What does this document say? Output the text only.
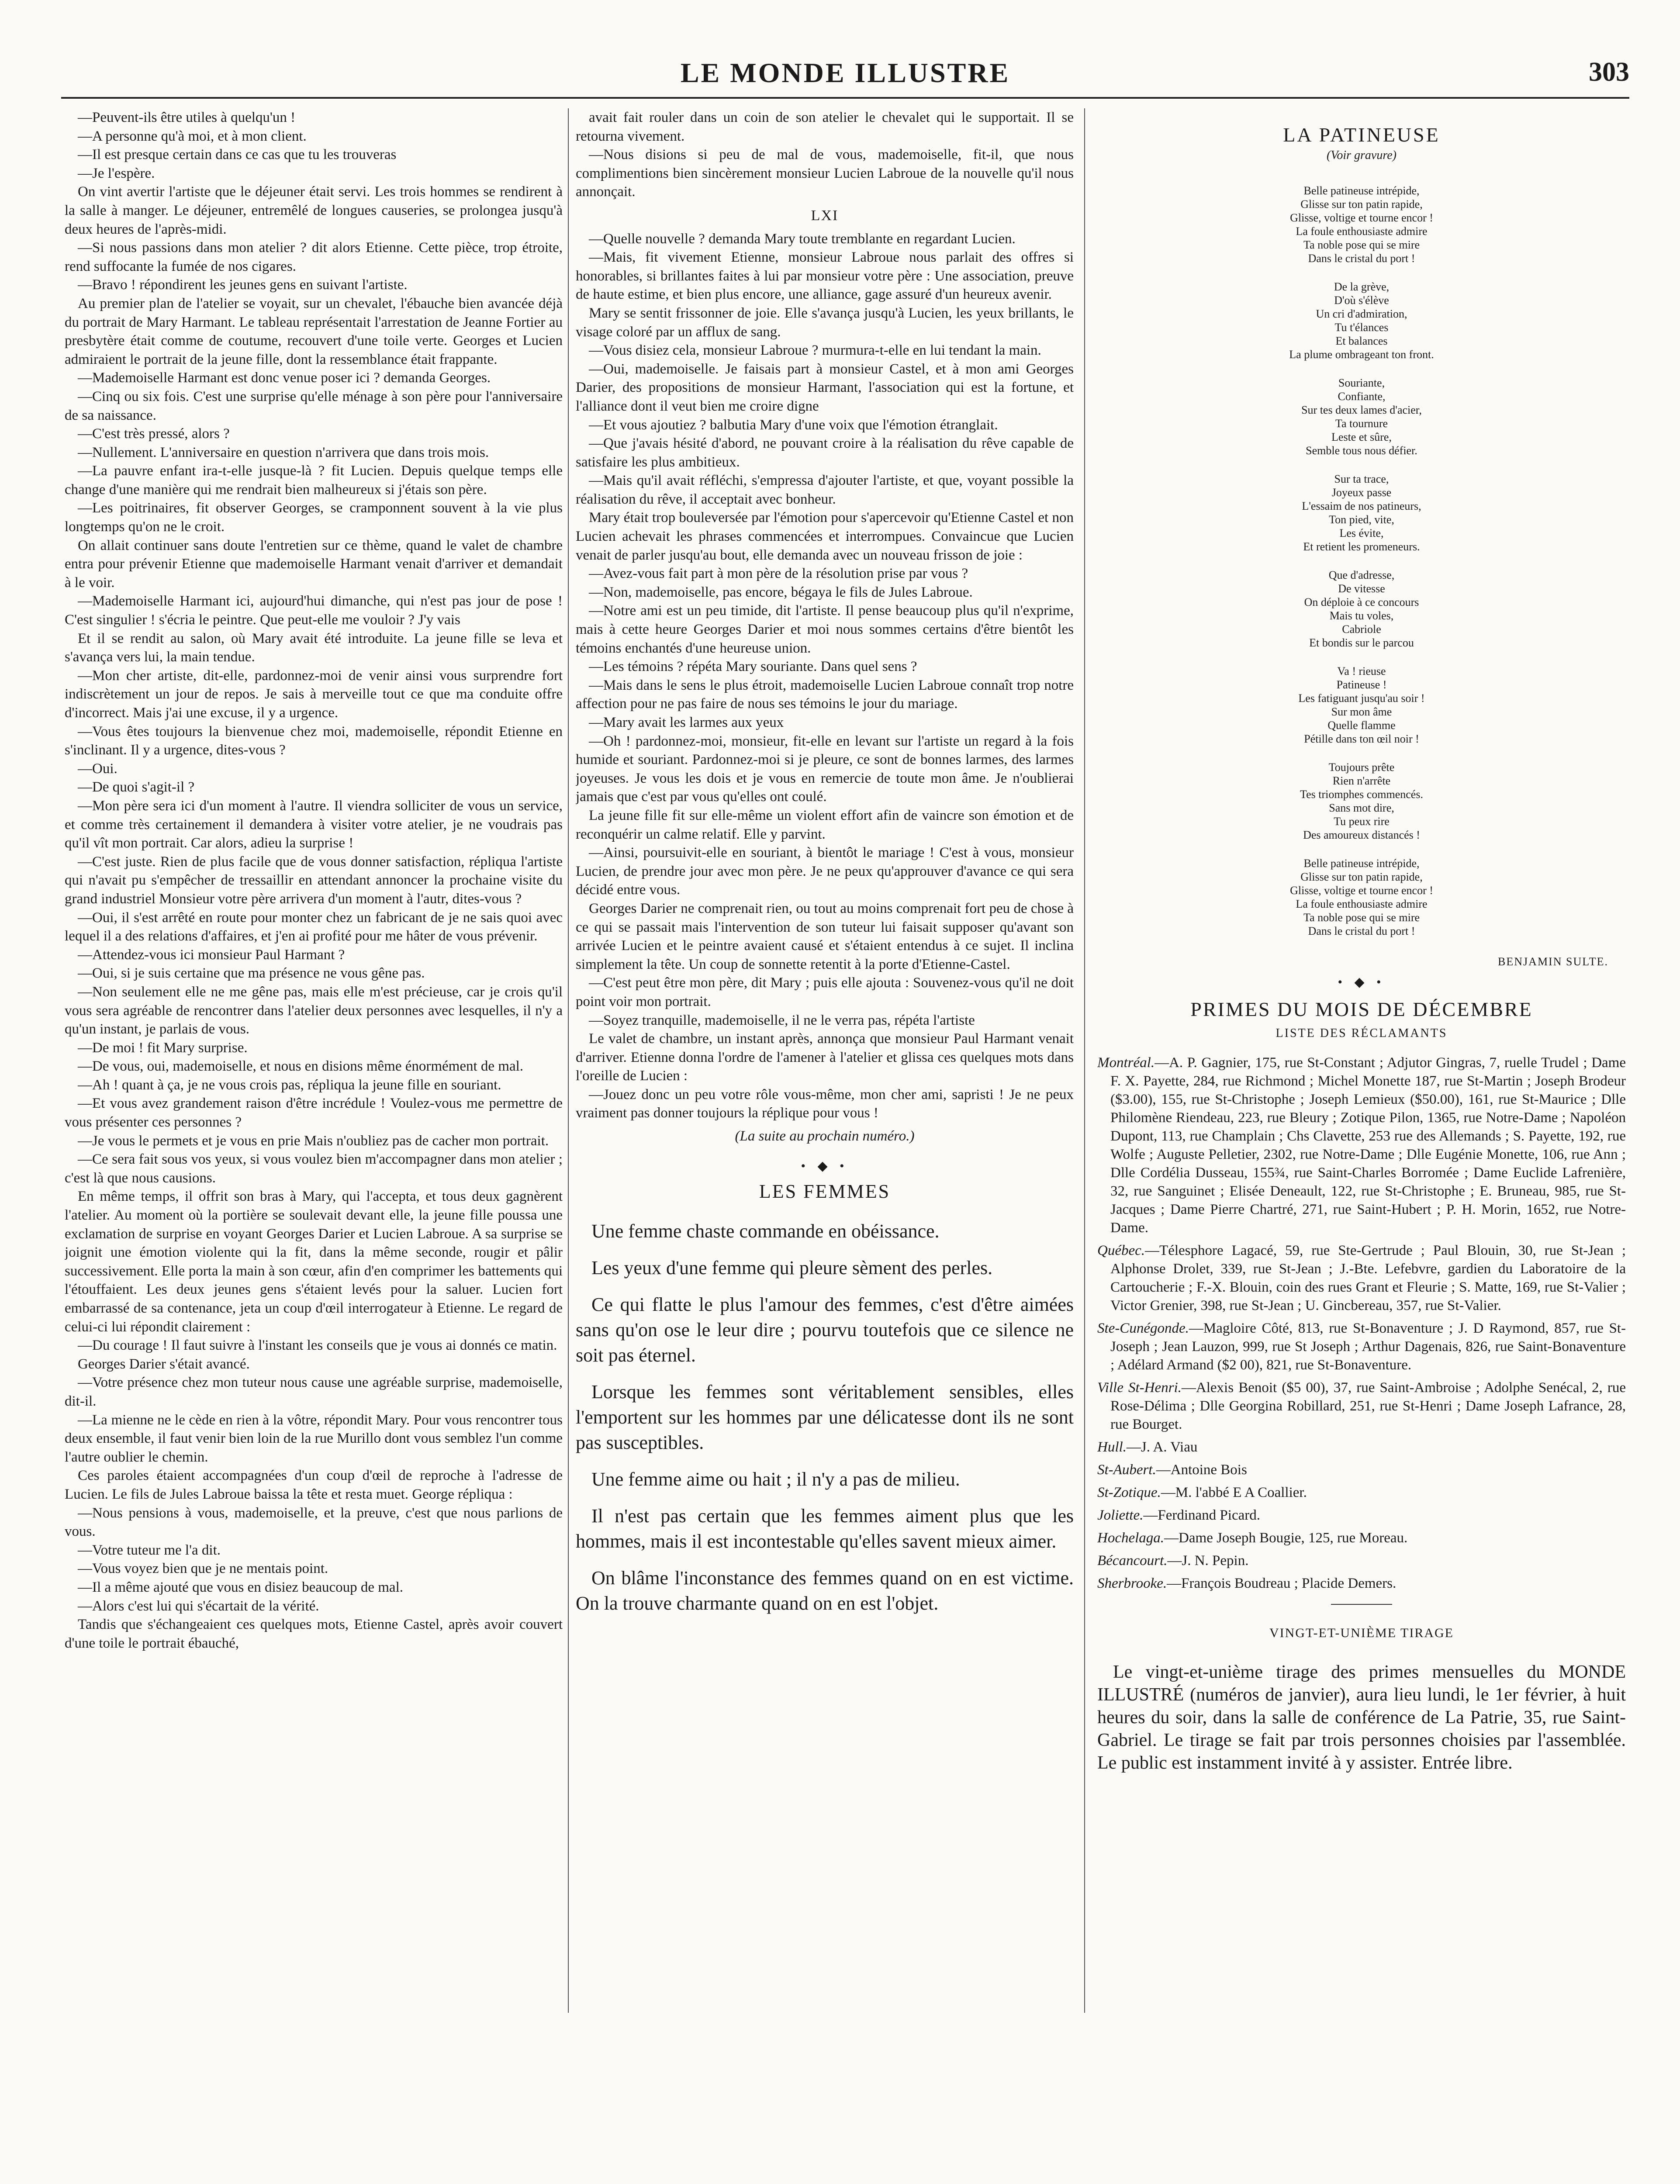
LE MONDE ILLUSTRE	303

—Peuvent-ils être utiles à quelqu'un !

—A personne qu'à moi, et à mon client.

—Il est presque certain dans ce cas que tu les trouveras

—Je l'espère.

On vint avertir l'artiste que le déjeuner était servi. Les trois hommes se rendirent à la salle à manger. Le déjeuner, entremêlé de longues causeries, se prolongea jusqu'à deux heures de l'après-midi.

—Si nous passions dans mon atelier ? dit alors Etienne. Cette pièce, trop étroite, rend suffocante la fumée de nos cigares.

—Bravo ! répondirent les jeunes gens en suivant l'artiste.

Au premier plan de l'atelier se voyait, sur un chevalet, l'ébauche bien avancée déjà du portrait de Mary Harmant. Le tableau représentait l'arrestation de Jeanne Fortier au presbytère était comme de coutume, recouvert d'une toile verte. Georges et Lucien admiraient le portrait de la jeune fille, dont la ressemblance était frappante.

—Mademoiselle Harmant est donc venue poser ici ? demanda Georges.

—Cinq ou six fois. C'est une surprise qu'elle ménage à son père pour l'anniversaire de sa naissance.

—C'est très pressé, alors ?

—Nullement. L'anniversaire en question n'arrivera que dans trois mois.

—La pauvre enfant ira-t-elle jusque-là ? fit Lucien. Depuis quelque temps elle change d'une manière qui me rendrait bien malheureux si j'étais son père.

—Les poitrinaires, fit observer Georges, se cramponnent souvent à la vie plus longtemps qu'on ne le croit.

On allait continuer sans doute l'entretien sur ce thème, quand le valet de chambre entra pour prévenir Etienne que mademoiselle Harmant venait d'arriver et demandait à le voir.

—Mademoiselle Harmant ici, aujourd'hui dimanche, qui n'est pas jour de pose ! C'est singulier ! s'écria le peintre. Que peut-elle me vouloir ? J'y vais

Et il se rendit au salon, où Mary avait été introduite. La jeune fille se leva et s'avança vers lui, la main tendue.

—Mon cher artiste, dit-elle, pardonnez-moi de venir ainsi vous surprendre fort indiscrètement un jour de repos. Je sais à merveille tout ce que ma conduite offre d'incorrect. Mais j'ai une excuse, il y a urgence.

—Vous êtes toujours la bienvenue chez moi, mademoiselle, répondit Etienne en s'inclinant. Il y a urgence, dites-vous ?

—Oui.

—De quoi s'agit-il ?

—Mon père sera ici d'un moment à l'autre. Il viendra solliciter de vous un service, et comme très certainement il demandera à visiter votre atelier, je ne voudrais pas qu'il vît mon portrait. Car alors, adieu la surprise !

—C'est juste. Rien de plus facile que de vous donner satisfaction, répliqua l'artiste qui n'avait pu s'empêcher de tressaillir en attendant annoncer la prochaine visite du grand industriel Monsieur votre père arrivera d'un moment à l'autr, dites-vous ?

—Oui, il s'est arrêté en route pour monter chez un fabricant de je ne sais quoi avec lequel il a des relations d'affaires, et j'en ai profité pour me hâter de vous prévenir.

—Attendez-vous ici monsieur Paul Harmant ?

—Oui, si je suis certaine que ma présence ne vous gêne pas.

—Non seulement elle ne me gêne pas, mais elle m'est précieuse, car je crois qu'il vous sera agréable de rencontrer dans l'atelier deux personnes avec lesquelles, il n'y a qu'un instant, je parlais de vous.

—De moi ! fit Mary surprise.

—De vous, oui, mademoiselle, et nous en disions même énormément de mal.

—Ah ! quant à ça, je ne vous crois pas, répliqua la jeune fille en souriant.

—Et vous avez grandement raison d'être incrédule ! Voulez-vous me permettre de vous présenter ces personnes ?

—Je vous le permets et je vous en prie Mais n'oubliez pas de cacher mon portrait.

—Ce sera fait sous vos yeux, si vous voulez bien m'accompagner dans mon atelier ; c'est là que nous causions.

En même temps, il offrit son bras à Mary, qui l'accepta, et tous deux gagnèrent l'atelier. Au moment où la portière se soulevait devant elle, la jeune fille poussa une exclamation de surprise en voyant Georges Darier et Lucien Labroue. A sa surprise se joignit une émotion violente qui la fit, dans la même seconde, rougir et pâlir successivement. Elle porta la main à son cœur, afin d'en comprimer les battements qui l'étouffaient. Les deux jeunes gens s'étaient levés pour la saluer. Lucien fort embarrassé de sa contenance, jeta un coup d'œil interrogateur à Etienne. Le regard de celui-ci lui répondit clairement :

—Du courage ! Il faut suivre à l'instant les conseils que je vous ai donnés ce matin.

Georges Darier s'était avancé.

—Votre présence chez mon tuteur nous cause une agréable surprise, mademoiselle, dit-il.

—La mienne ne le cède en rien à la vôtre, répondit Mary. Pour vous rencontrer tous deux ensemble, il faut venir bien loin de la rue Murillo dont vous semblez l'un comme l'autre oublier le chemin.

Ces paroles étaient accompagnées d'un coup d'œil de reproche à l'adresse de Lucien. Le fils de Jules Labroue baissa la tête et resta muet. George répliqua :

—Nous pensions à vous, mademoiselle, et la preuve, c'est que nous parlions de vous.

—Votre tuteur me l'a dit.

—Vous voyez bien que je ne mentais point.

—Il a même ajouté que vous en disiez beaucoup de mal.

—Alors c'est lui qui s'écartait de la vérité.

Tandis que s'échangeaient ces quelques mots, Etienne Castel, après avoir couvert d'une toile le portrait ébauché,

avait fait rouler dans un coin de son atelier le chevalet qui le supportait. Il se retourna vivement.

—Nous disions si peu de mal de vous, mademoiselle, fit-il, que nous complimentions bien sincèrement monsieur Lucien Labroue de la nouvelle qu'il nous annonçait.

LXI

—Quelle nouvelle ? demanda Mary toute tremblante en regardant Lucien.

—Mais, fit vivement Etienne, monsieur Labroue nous parlait des offres si honorables, si brillantes faites à lui par monsieur votre père : Une association, preuve de haute estime, et bien plus encore, une alliance, gage assuré d'un heureux avenir.

Mary se sentit frissonner de joie. Elle s'avança jusqu'à Lucien, les yeux brillants, le visage coloré par un afflux de sang.

—Vous disiez cela, monsieur Labroue ? murmura-t-elle en lui tendant la main.

—Oui, mademoiselle. Je faisais part à monsieur Castel, et à mon ami Georges Darier, des propositions de monsieur Harmant, l'association qui est la fortune, et l'alliance dont il veut bien me croire digne

—Et vous ajoutiez ? balbutia Mary d'une voix que l'émotion étranglait.

—Que j'avais hésité d'abord, ne pouvant croire à la réalisation du rêve capable de satisfaire les plus ambitieux.

—Mais qu'il avait réfléchi, s'empressa d'ajouter l'artiste, et que, voyant possible la réalisation du rêve, il acceptait avec bonheur.

Mary était trop bouleversée par l'émotion pour s'apercevoir qu'Etienne Castel et non Lucien achevait les phrases commencées et interrompues. Convaincue que Lucien venait de parler jusqu'au bout, elle demanda avec un nouveau frisson de joie :

—Avez-vous fait part à mon père de la résolution prise par vous ?

—Non, mademoiselle, pas encore, bégaya le fils de Jules Labroue.

—Notre ami est un peu timide, dit l'artiste. Il pense beaucoup plus qu'il n'exprime, mais à cette heure Georges Darier et moi nous sommes certains d'être bientôt les témoins enchantés d'une heureuse union.

—Les témoins ? répéta Mary souriante. Dans quel sens ?

—Mais dans le sens le plus étroit, mademoiselle Lucien Labroue connaît trop notre affection pour ne pas faire de nous ses témoins le jour du mariage.

—Mary avait les larmes aux yeux

—Oh ! pardonnez-moi, monsieur, fit-elle en levant sur l'artiste un regard à la fois humide et souriant. Pardonnez-moi si je pleure, ce sont de bonnes larmes, des larmes joyeuses. Je vous les dois et je vous en remercie de toute mon âme. Je n'oublierai jamais que c'est par vous qu'elles ont coulé.

La jeune fille fit sur elle-même un violent effort afin de vaincre son émotion et de reconquérir un calme relatif. Elle y parvint.

—Ainsi, poursuivit-elle en souriant, à bientôt le mariage ! C'est à vous, monsieur Lucien, de prendre jour avec mon père. Je ne peux qu'approuver d'avance ce qui sera décidé entre vous.

Georges Darier ne comprenait rien, ou tout au moins comprenait fort peu de chose à ce qui se passait mais l'intervention de son tuteur lui faisait supposer qu'avant son arrivée Lucien et le peintre avaient causé et s'étaient entendus à ce sujet. Il inclina simplement la tête. Un coup de sonnette retentit à la porte d'Etienne-Castel.

—C'est peut être mon père, dit Mary ; puis elle ajouta : Souvenez-vous qu'il ne doit point voir mon portrait.

—Soyez tranquille, mademoiselle, il ne le verra pas, répéta l'artiste

Le valet de chambre, un instant après, annonça que monsieur Paul Harmant venait d'arriver. Etienne donna l'ordre de l'amener à l'atelier et glissa ces quelques mots dans l'oreille de Lucien :

—Jouez donc un peu votre rôle vous-même, mon cher ami, sapristi ! Je ne peux vraiment pas donner toujours la réplique pour vous !

(La suite au prochain numéro.)
• ◆ •
LES FEMMES

Une femme chaste commande en obéissance.

Les yeux d'une femme qui pleure sèment des perles.

Ce qui flatte le plus l'amour des femmes, c'est d'être aimées sans qu'on ose le leur dire ; pourvu toutefois que ce silence ne soit pas éternel.

Lorsque les femmes sont véritablement sensibles, elles l'emportent sur les hommes par une délicatesse dont ils ne sont pas susceptibles.

Une femme aime ou hait ; il n'y a pas de milieu.

Il n'est pas certain que les femmes aiment plus que les hommes, mais il est incontestable qu'elles savent mieux aimer.

On blâme l'inconstance des femmes quand on en est victime. On la trouve charmante quand on en est l'objet.

LA PATINEUSE
(Voir gravure)
Belle patineuse intrépide,
Glisse sur ton patin rapide,
Glisse, voltige et tourne encor !
La foule enthousiaste admire
Ta noble pose qui se mire
Dans le cristal du port !
De la grève,
D'où s'élève
Un cri d'admiration,
Tu t'élances
Et balances
La plume ombrageant ton front.
Souriante,
Confiante,
Sur tes deux lames d'acier,
Ta tournure
Leste et sûre,
Semble tous nous défier.
Sur ta trace,
Joyeux passe
L'essaim de nos patineurs,
Ton pied, vite,
Les évite,
Et retient les promeneurs.
Que d'adresse,
De vitesse
On déploie à ce concours
Mais tu voles,
Cabriole
Et bondis sur le parcou
Va ! rieuse
Patineuse !
Les fatiguant jusqu'au soir !
Sur mon âme
Quelle flamme
Pétille dans ton œil noir !
Toujours prête
Rien n'arrête
Tes triomphes commencés.
Sans mot dire,
Tu peux rire
Des amoureux distancés !
Belle patineuse intrépide,
Glisse sur ton patin rapide,
Glisse, voltige et tourne encor !
La foule enthousiaste admire
Ta noble pose qui se mire
Dans le cristal du port !
BENJAMIN SULTE.
• ◆ •
PRIMES DU MOIS DE DÉCEMBRE
LISTE DES RÉCLAMANTS

Montréal.—A. P. Gagnier, 175, rue St-Constant ; Adjutor Gingras, 7, ruelle Trudel ; Dame F. X. Payette, 284, rue Richmond ; Michel Monette 187, rue St-Martin ; Joseph Brodeur ($3.00), 155, rue St-Christophe ; Joseph Lemieux ($50.00), 161, rue St-Maurice ; Dlle Philomène Riendeau, 223, rue Bleury ; Zotique Pilon, 1365, rue Notre-Dame ; Napoléon Dupont, 113, rue Champlain ; Chs Clavette, 253 rue des Allemands ; S. Payette, 192, rue Wolfe ; Auguste Pelletier, 2302, rue Notre-Dame ; Dlle Eugénie Monette, 106, rue Ann ; Dlle Cordélia Dusseau, 155¾, rue Saint-Charles Borromée ; Dame Euclide Lafrenière, 32, rue Sanguinet ; Elisée Deneault, 122, rue St-Christophe ; E. Bruneau, 985, rue St-Jacques ; Dame Pierre Chartré, 271, rue Saint-Hubert ; P. H. Morin, 1652, rue Notre-Dame.

Québec.—Télesphore Lagacé, 59, rue Ste-Gertrude ; Paul Blouin, 30, rue St-Jean ; Alphonse Drolet, 339, rue St-Jean ; J.-Bte. Lefebvre, gardien du Laboratoire de la Cartoucherie ; F.-X. Blouin, coin des rues Grant et Fleurie ; S. Matte, 169, rue St-Valier ; Victor Grenier, 398, rue St-Jean ; U. Gincbereau, 357, rue St-Valier.

Ste-Cunégonde.—Magloire Côté, 813, rue St-Bonaventure ; J. D Raymond, 857, rue St-Joseph ; Jean Lauzon, 999, rue St Joseph ; Arthur Dagenais, 826, rue Saint-Bonaventure ; Adélard Armand ($2 00), 821, rue St-Bonaventure.

Ville St-Henri.—Alexis Benoit ($5 00), 37, rue Saint-Ambroise ; Adolphe Senécal, 2, rue Rose-Délima ; Dlle Georgina Robillard, 251, rue St-Henri ; Dame Joseph Lafrance, 28, rue Bourget.

Hull.—J. A. Viau

St-Aubert.—Antoine Bois

St-Zotique.—M. l'abbé E A Coallier.

Joliette.—Ferdinand Picard.

Hochelaga.—Dame Joseph Bougie, 125, rue Moreau.

Bécancourt.—J. N. Pepin.

Sherbrooke.—François Boudreau ; Placide Demers.

VINGT-ET-UNIÈME TIRAGE

Le vingt-et-unième tirage des primes mensuelles du MONDE ILLUSTRÉ (numéros de janvier), aura lieu lundi, le 1er février, à huit heures du soir, dans la salle de conférence de La Patrie, 35, rue Saint-Gabriel. Le tirage se fait par trois personnes choisies par l'assemblée. Le public est instamment invité à y assister. Entrée libre.
